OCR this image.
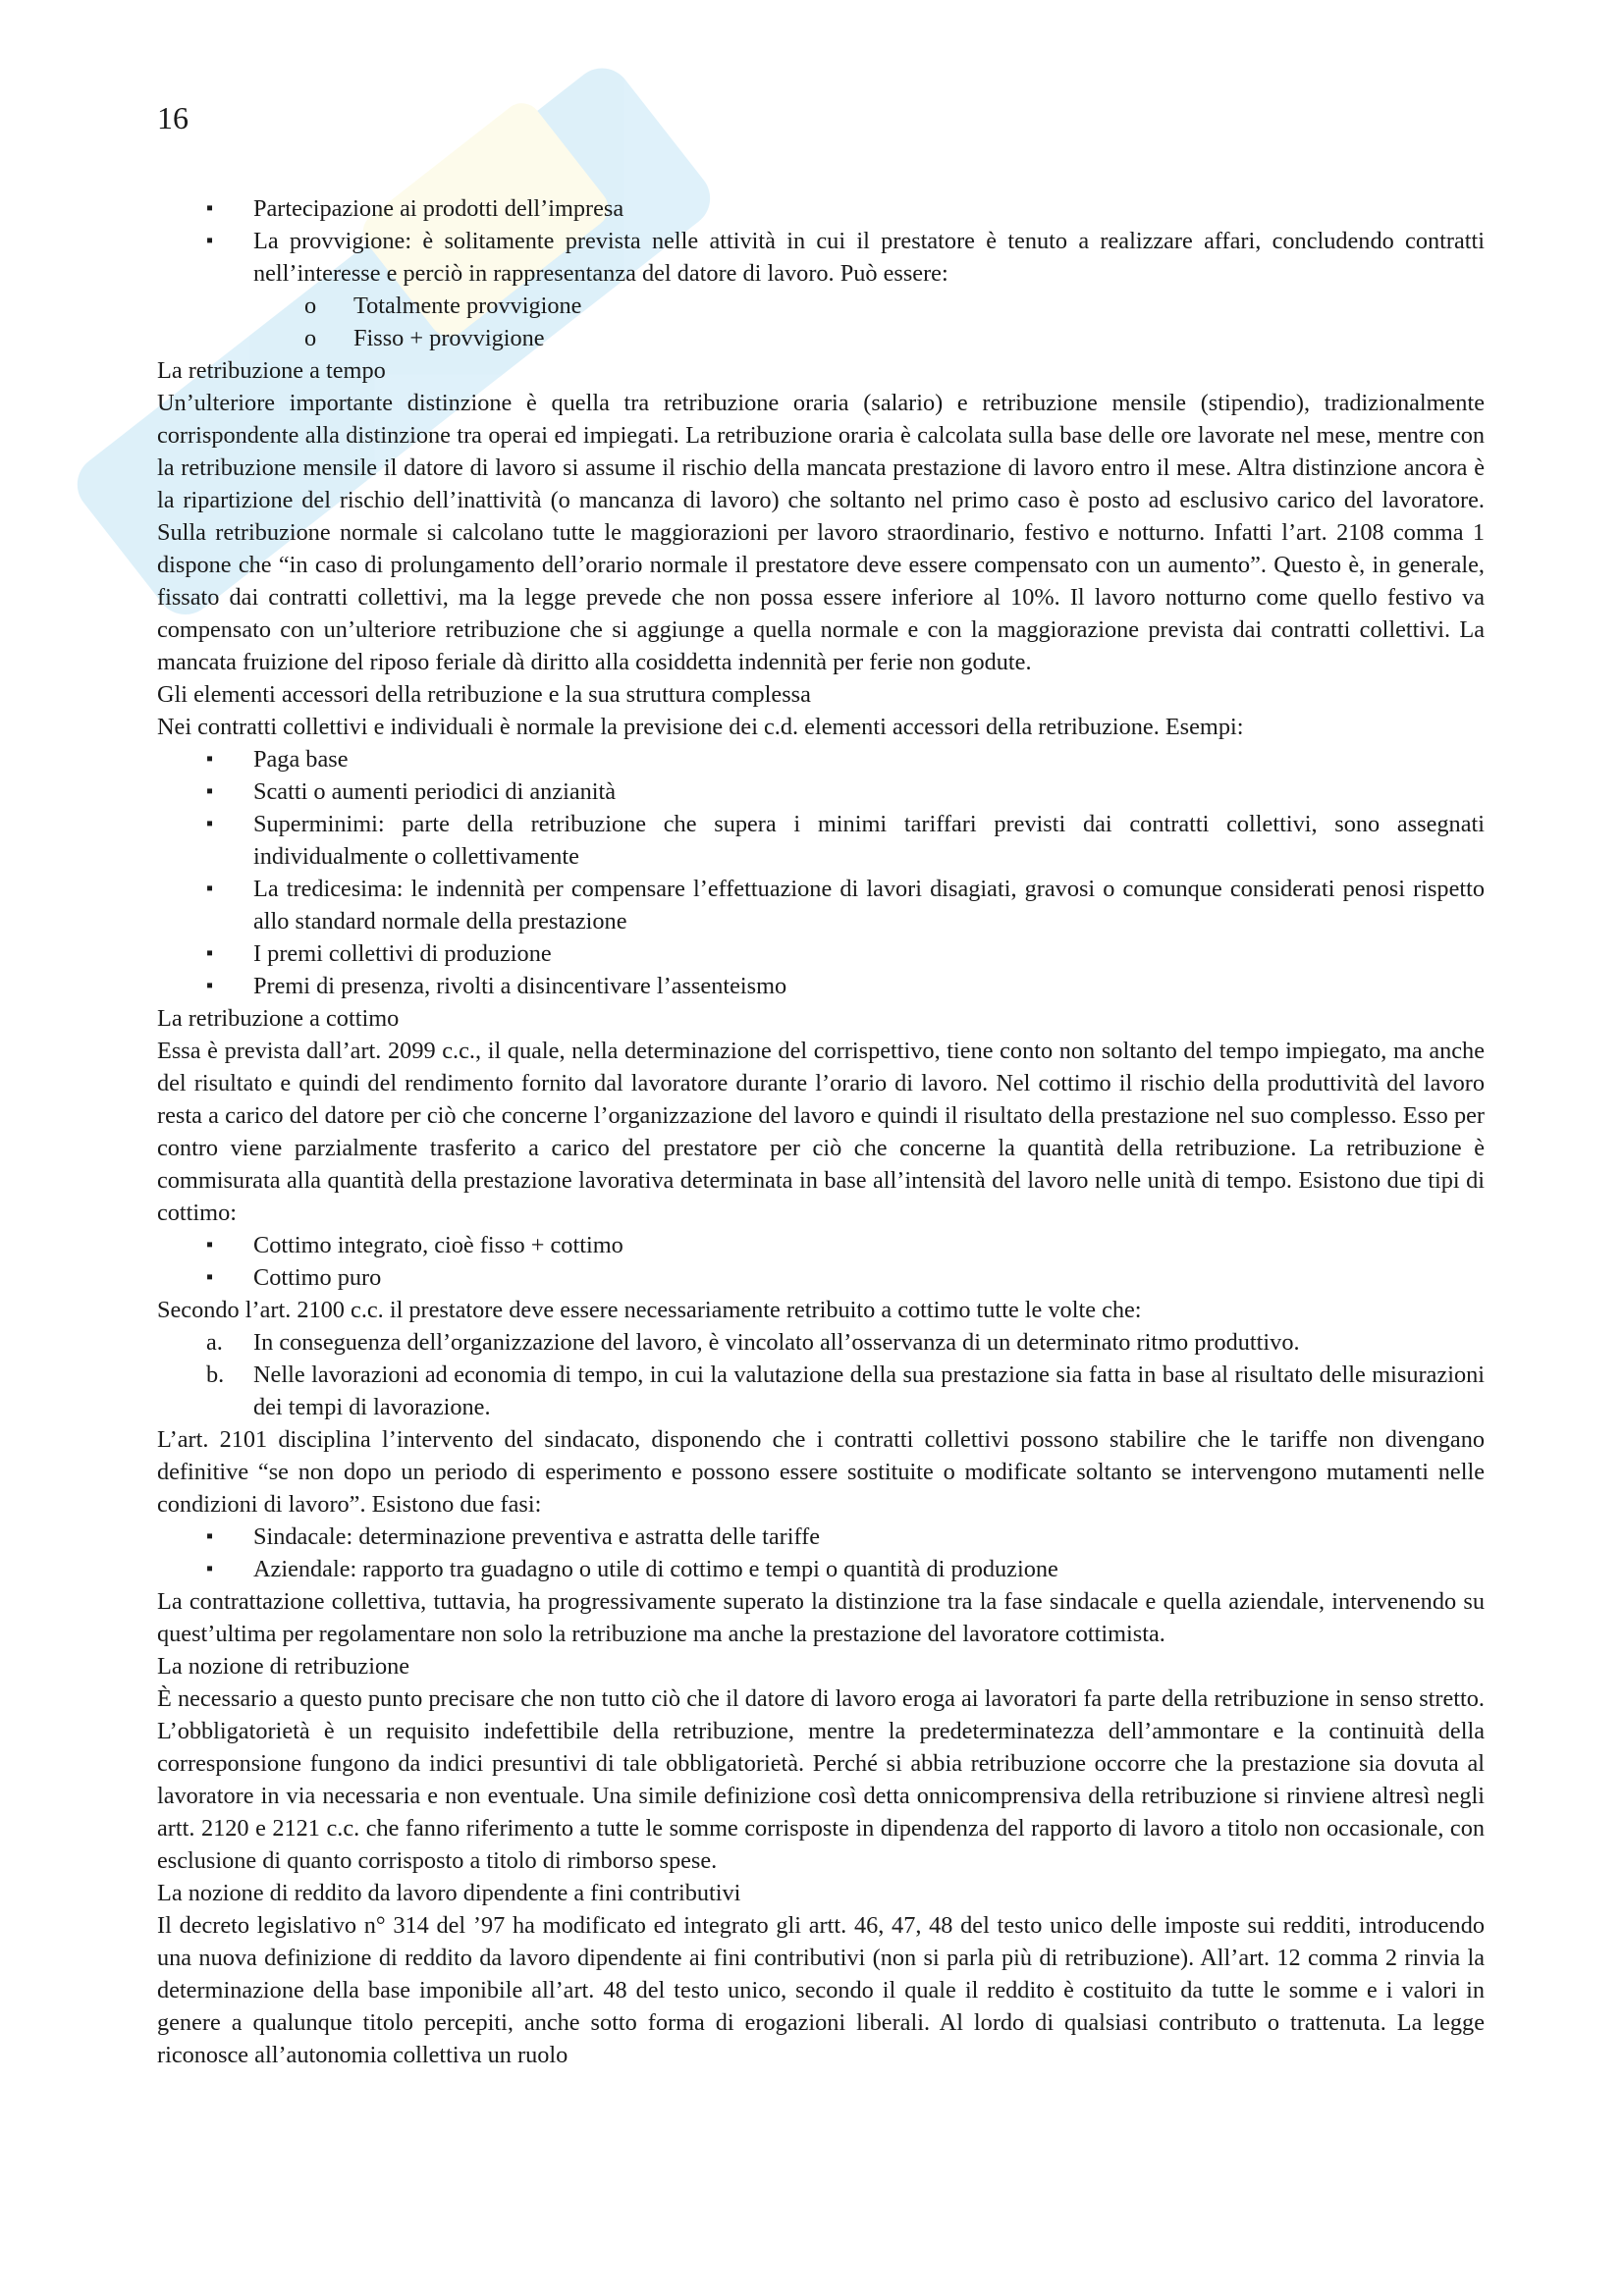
16
▪ Partecipazione ai prodotti dell’impresa
▪ La provvigione: è solitamente prevista nelle attività in cui il prestatore è tenuto a realizzare affari, concludendo contratti nell’interesse e perciò in rappresentanza del datore di lavoro. Può essere:
o Totalmente provvigione
o Fisso + provvigione
La retribuzione a tempo

Un’ulteriore importante distinzione è quella tra retribuzione oraria (salario) e retribuzione mensile (stipendio), tradizionalmente corrispondente alla distinzione tra operai ed impiegati. La retribuzione oraria è calcolata sulla base delle ore lavorate nel mese, mentre con la retribuzione mensile il datore di lavoro si assume il rischio della mancata prestazione di lavoro entro il mese. Altra distinzione ancora è la ripartizione del rischio dell’inattività (o mancanza di lavoro) che soltanto nel primo caso è posto ad esclusivo carico del lavoratore. Sulla retribuzione normale si calcolano tutte le maggiorazioni per lavoro straordinario, festivo e notturno. Infatti l’art. 2108 comma 1 dispone che “in caso di prolungamento dell’orario normale il prestatore deve essere compensato con un aumento”. Questo è, in generale, fissato dai contratti collettivi, ma la legge prevede che non possa essere inferiore al 10%. Il lavoro notturno come quello festivo va compensato con un’ulteriore retribuzione che si aggiunge a quella normale e con la maggiorazione prevista dai contratti collettivi. La mancata fruizione del riposo feriale dà diritto alla cosiddetta indennità per ferie non godute.

Gli elementi accessori della retribuzione e la sua struttura complessa

Nei contratti collettivi e individuali è normale la previsione dei c.d. elementi accessori della retribuzione. Esempi:

▪ Paga base
▪ Scatti o aumenti periodici di anzianità
▪ Superminimi: parte della retribuzione che supera i minimi tariffari previsti dai contratti collettivi, sono assegnati individualmente o collettivamente
▪ La tredicesima: le indennità per compensare l’effettuazione di lavori disagiati, gravosi o comunque considerati penosi rispetto allo standard normale della prestazione
▪ I premi collettivi di produzione
▪ Premi di presenza, rivolti a disincentivare l’assenteismo
La retribuzione a cottimo

Essa è prevista dall’art. 2099 c.c., il quale, nella determinazione del corrispettivo, tiene conto non soltanto del tempo impiegato, ma anche del risultato e quindi del rendimento fornito dal lavoratore durante l’orario di lavoro. Nel cottimo il rischio della produttività del lavoro resta a carico del datore per ciò che concerne l’organizzazione del lavoro e quindi il risultato della prestazione nel suo complesso. Esso per contro viene parzialmente trasferito a carico del prestatore per ciò che concerne la quantità della retribuzione. La retribuzione è commisurata alla quantità della prestazione lavorativa determinata in base all’intensità del lavoro nelle unità di tempo. Esistono due tipi di cottimo:

▪ Cottimo integrato, cioè fisso + cottimo
▪ Cottimo puro

Secondo l’art. 2100 c.c. il prestatore deve essere necessariamente retribuito a cottimo tutte le volte che:

a. In conseguenza dell’organizzazione del lavoro, è vincolato all’osservanza di un determinato ritmo produttivo.
b. Nelle lavorazioni ad economia di tempo, in cui la valutazione della sua prestazione sia fatta in base al risultato delle misurazioni dei tempi di lavorazione.

L’art. 2101 disciplina l’intervento del sindacato, disponendo che i contratti collettivi possono stabilire che le tariffe non divengano definitive “se non dopo un periodo di esperimento e possono essere sostituite o modificate soltanto se intervengono mutamenti nelle condizioni di lavoro”. Esistono due fasi:

▪ Sindacale: determinazione preventiva e astratta delle tariffe
▪ Aziendale: rapporto tra guadagno o utile di cottimo e tempi o quantità di produzione

La contrattazione collettiva, tuttavia, ha progressivamente superato la distinzione tra la fase sindacale e quella aziendale, intervenendo su quest’ultima per regolamentare non solo la retribuzione ma anche la prestazione del lavoratore cottimista.

La nozione di retribuzione

È necessario a questo punto precisare che non tutto ciò che il datore di lavoro eroga ai lavoratori fa parte della retribuzione in senso stretto. L’obbligatorietà è un requisito indefettibile della retribuzione, mentre la predeterminatezza dell’ammontare e la continuità della corresponsione fungono da indici presuntivi di tale obbligatorietà. Perché si abbia retribuzione occorre che la prestazione sia dovuta al lavoratore in via necessaria e non eventuale. Una simile definizione così detta onnicomprensiva della retribuzione si rinviene altresì negli artt. 2120 e 2121 c.c. che fanno riferimento a tutte le somme corrisposte in dipendenza del rapporto di lavoro a titolo non occasionale, con esclusione di quanto corrisposto a titolo di rimborso spese.

La nozione di reddito da lavoro dipendente a fini contributivi

Il decreto legislativo n° 314 del ’97 ha modificato ed integrato gli artt. 46, 47, 48 del testo unico delle imposte sui redditi, introducendo una nuova definizione di reddito da lavoro dipendente ai fini contributivi (non si parla più di retribuzione). All’art. 12 comma 2 rinvia la determinazione della base imponibile all’art. 48 del testo unico, secondo il quale il reddito è costituito da tutte le somme e i valori in genere a qualunque titolo percepiti, anche sotto forma di erogazioni liberali. Al lordo di qualsiasi contributo o trattenuta. La legge riconosce all’autonomia collettiva un ruolo
